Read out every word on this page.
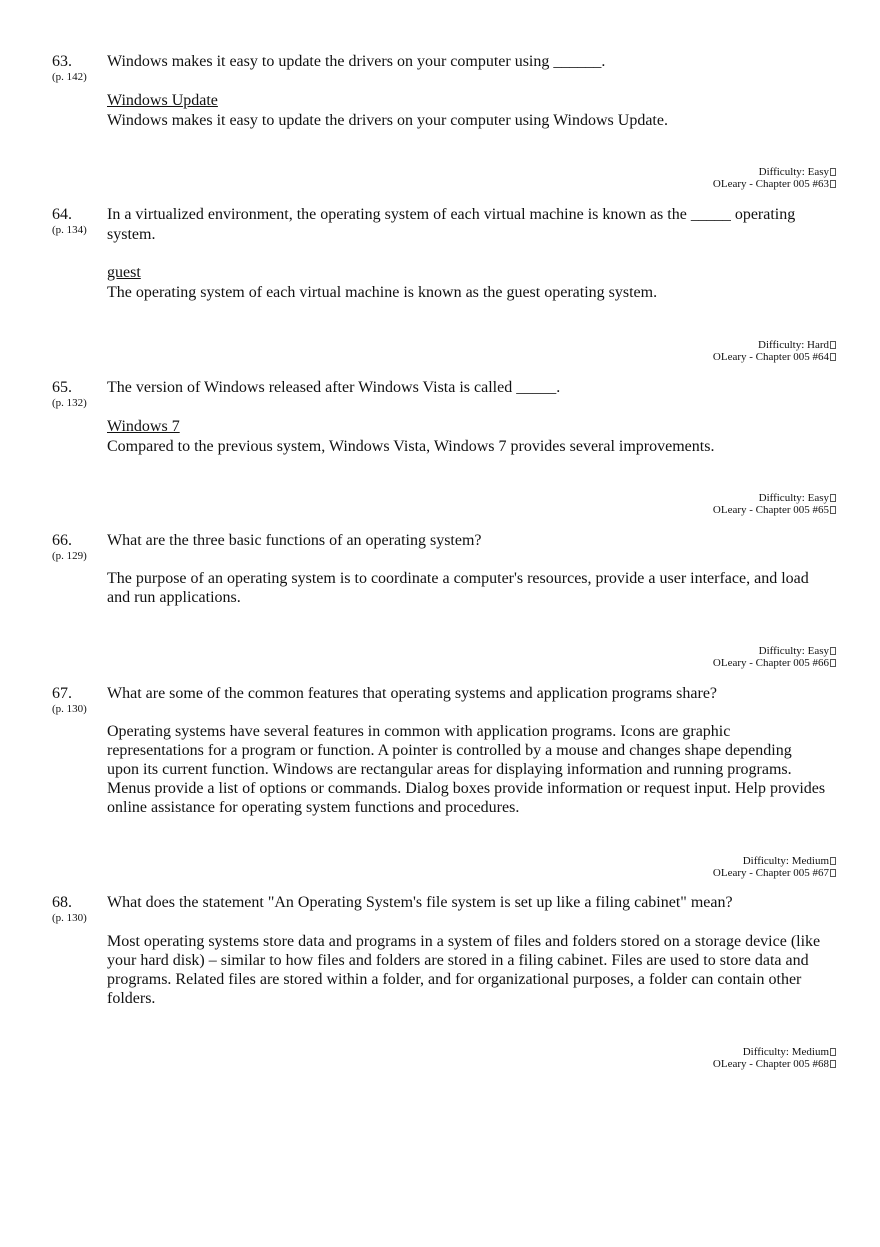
63.
(p. 142)
Windows makes it easy to update the drivers on your computer using ______.
Windows Update
Windows makes it easy to update the drivers on your computer using Windows Update.
Difficulty: Easy
OLeary - Chapter 005 #63
64.
(p. 134)
In a virtualized environment, the operating system of each virtual machine is known as the _____ operating system.
guest
The operating system of each virtual machine is known as the guest operating system.
Difficulty: Hard
OLeary - Chapter 005 #64
65.
(p. 132)
The version of Windows released after Windows Vista is called _____.
Windows 7
Compared to the previous system, Windows Vista, Windows 7 provides several improvements.
Difficulty: Easy
OLeary - Chapter 005 #65
66.
(p. 129)
What are the three basic functions of an operating system?
The purpose of an operating system is to coordinate a computer's resources, provide a user interface, and load and run applications.
Difficulty: Easy
OLeary - Chapter 005 #66
67.
(p. 130)
What are some of the common features that operating systems and application programs share?
Operating systems have several features in common with application programs. Icons are graphic representations for a program or function. A pointer is controlled by a mouse and changes shape depending upon its current function. Windows are rectangular areas for displaying information and running programs. Menus provide a list of options or commands. Dialog boxes provide information or request input. Help provides online assistance for operating system functions and procedures.
Difficulty: Medium
OLeary - Chapter 005 #67
68.
(p. 130)
What does the statement "An Operating System's file system is set up like a filing cabinet" mean?
Most operating systems store data and programs in a system of files and folders stored on a storage device (like your hard disk) – similar to how files and folders are stored in a filing cabinet. Files are used to store data and programs. Related files are stored within a folder, and for organizational purposes, a folder can contain other folders.
Difficulty: Medium
OLeary - Chapter 005 #68
